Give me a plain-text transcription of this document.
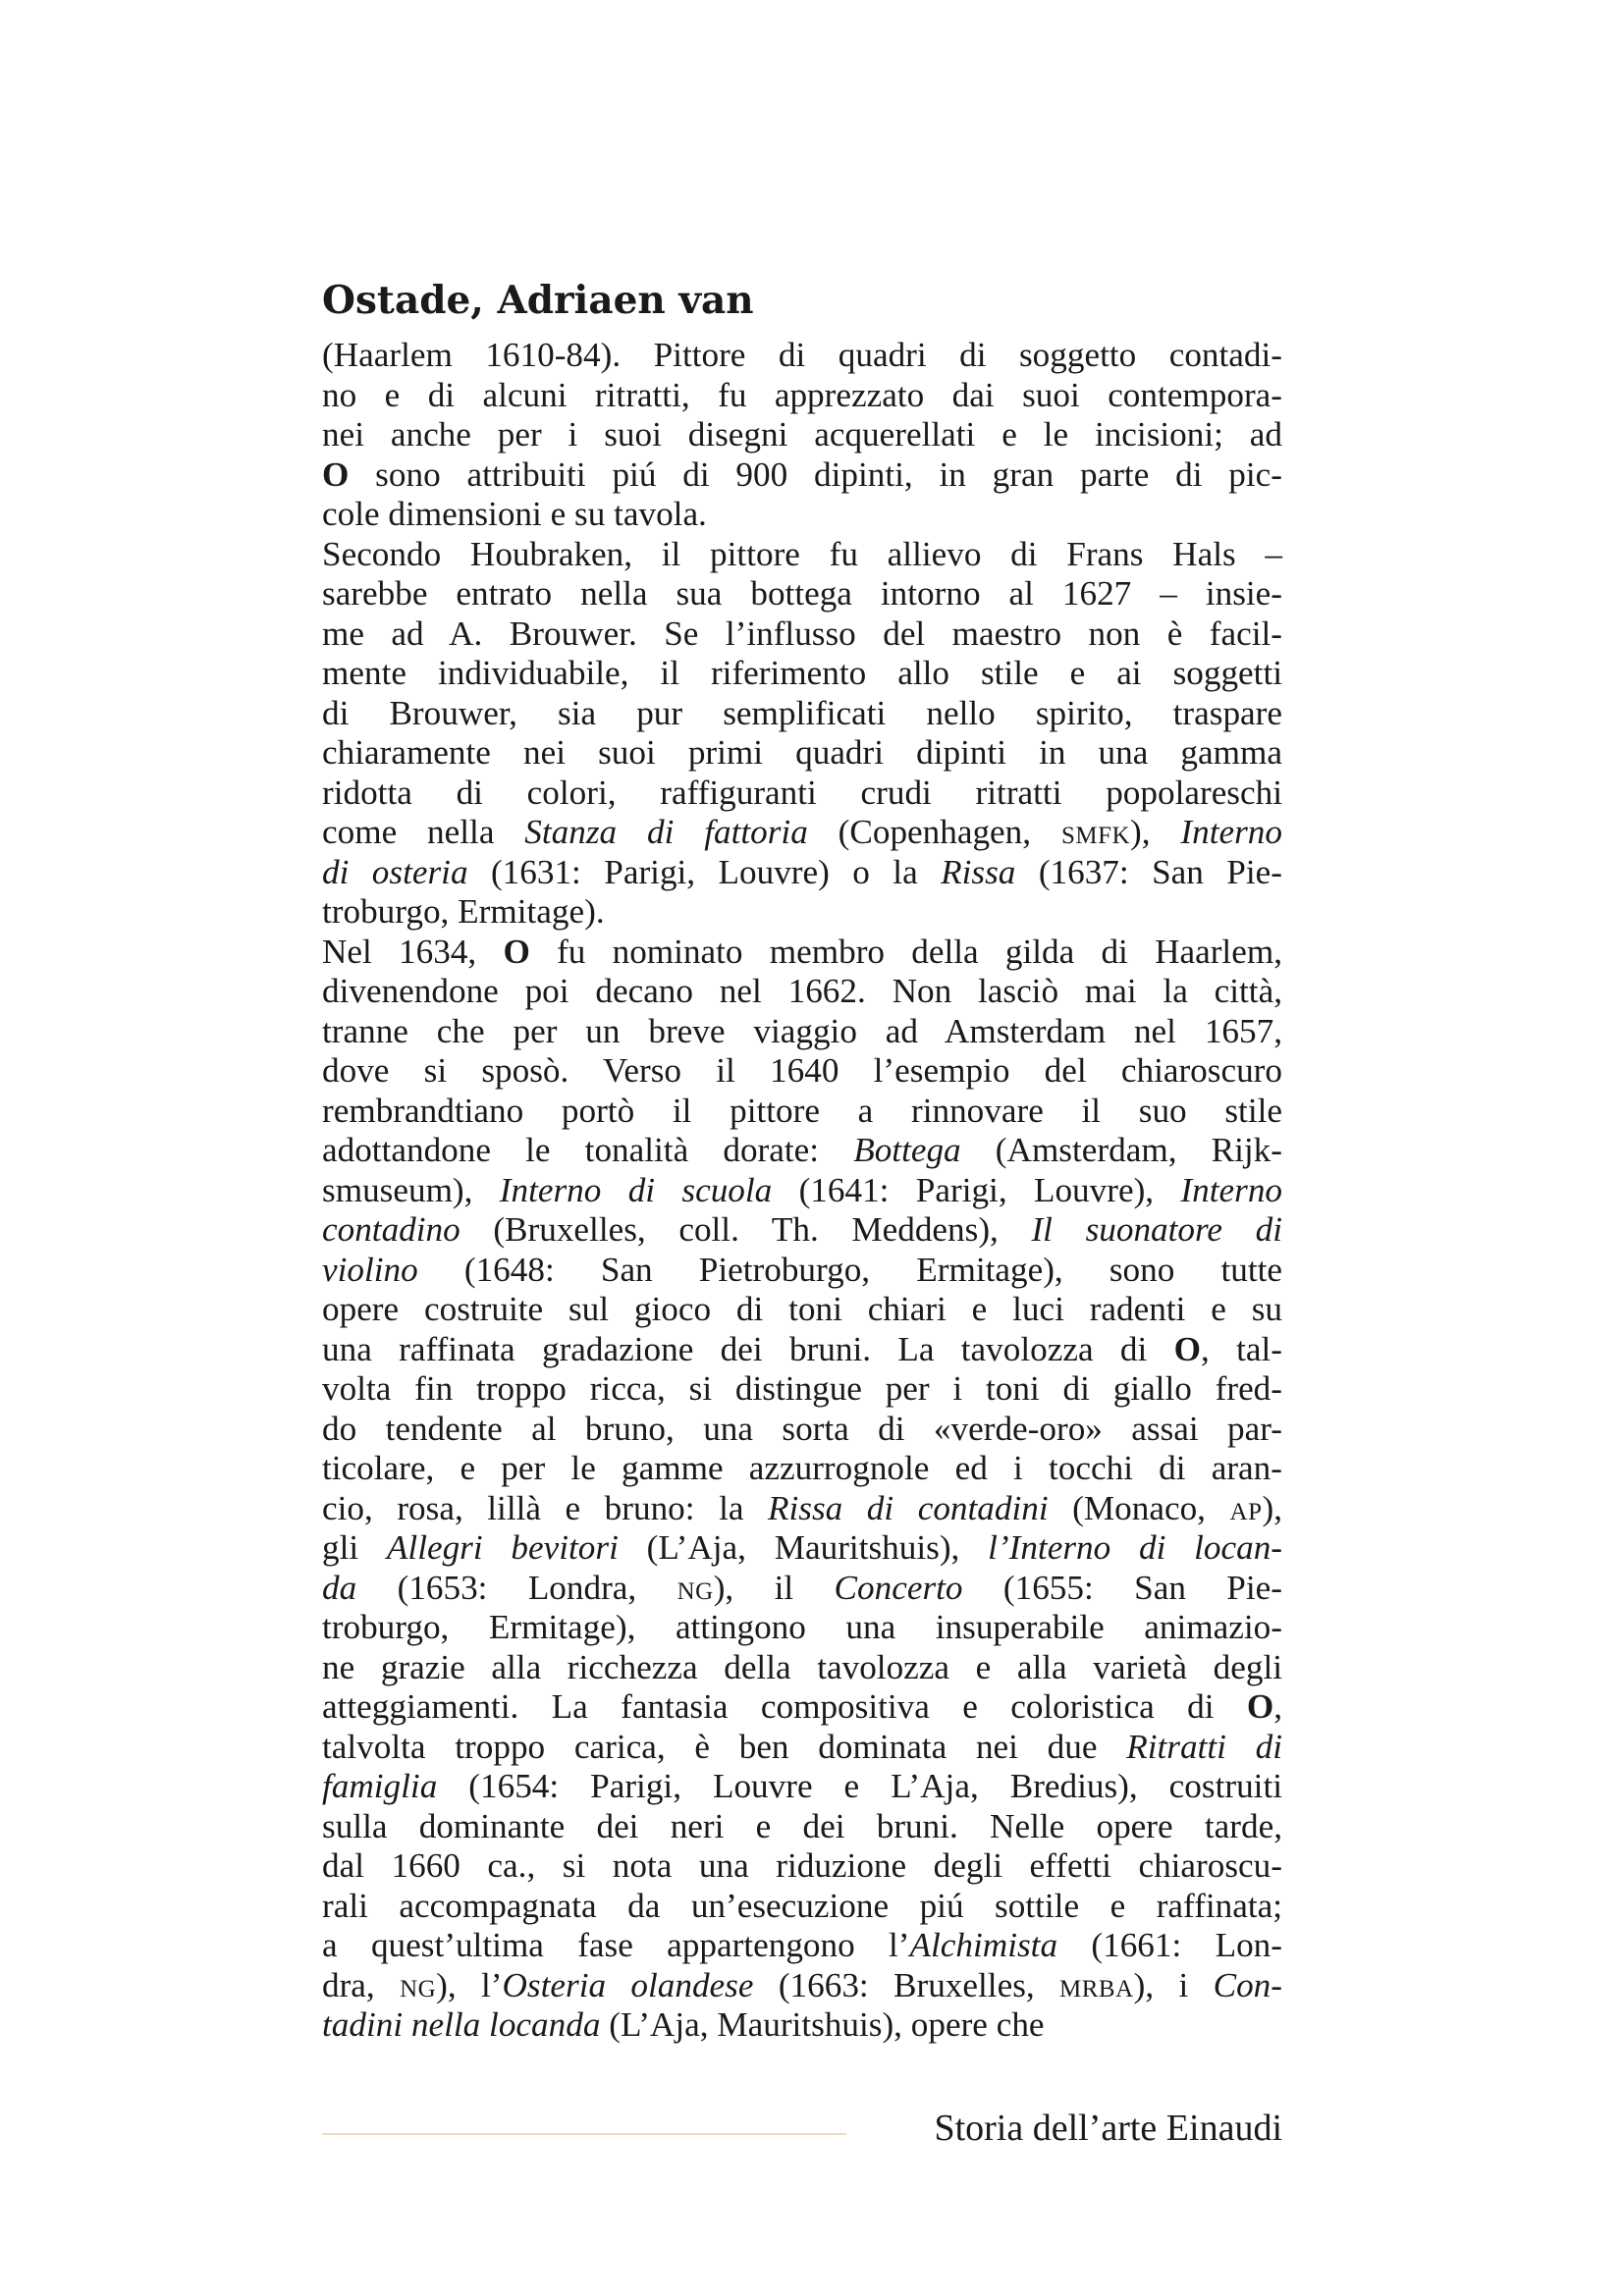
Ostade, Adriaen van
(Haarlem 1610-84). Pittore di quadri di soggetto contadi-
no e di alcuni ritratti, fu apprezzato dai suoi contempora-
nei anche per i suoi disegni acquerellati e le incisioni; ad
O sono attribuiti piú di 900 dipinti, in gran parte di pic-
cole dimensioni e su tavola.
Secondo Houbraken, il pittore fu allievo di Frans Hals –
sarebbe entrato nella sua bottega intorno al 1627 – insie-
me ad A. Brouwer. Se l’influsso del maestro non è facil-
mente individuabile, il riferimento allo stile e ai soggetti
di Brouwer, sia pur semplificati nello spirito, traspare
chiaramente nei suoi primi quadri dipinti in una gamma
ridotta di colori, raffiguranti crudi ritratti popolareschi
come nella Stanza di fattoria (Copenhagen, smfk), Interno
di osteria (1631: Parigi, Louvre) o la Rissa (1637: San Pie-
troburgo, Ermitage).
Nel 1634, O fu nominato membro della gilda di Haarlem,
divenendone poi decano nel 1662. Non lasciò mai la città,
tranne che per un breve viaggio ad Amsterdam nel 1657,
dove si sposò. Verso il 1640 l’esempio del chiaroscuro
rembrandtiano portò il pittore a rinnovare il suo stile
adottandone le tonalità dorate: Bottega (Amsterdam, Rijk-
smuseum), Interno di scuola (1641: Parigi, Louvre), Interno
contadino (Bruxelles, coll. Th. Meddens), Il suonatore di
violino (1648: San Pietroburgo, Ermitage), sono tutte
opere costruite sul gioco di toni chiari e luci radenti e su
una raffinata gradazione dei bruni. La tavolozza di O, tal-
volta fin troppo ricca, si distingue per i toni di giallo fred-
do tendente al bruno, una sorta di «verde-oro» assai par-
ticolare, e per le gamme azzurrognole ed i tocchi di aran-
cio, rosa, lillà e bruno: la Rissa di contadini (Monaco, ap),
gli Allegri bevitori (L’Aja, Mauritshuis), l’Interno di locan-
da (1653: Londra, ng), il Concerto (1655: San Pie-
troburgo, Ermitage), attingono una insuperabile animazio-
ne grazie alla ricchezza della tavolozza e alla varietà degli
atteggiamenti. La fantasia compositiva e coloristica di O,
talvolta troppo carica, è ben dominata nei due Ritratti di
famiglia (1654: Parigi, Louvre e L’Aja, Bredius), costruiti
sulla dominante dei neri e dei bruni. Nelle opere tarde,
dal 1660 ca., si nota una riduzione degli effetti chiaroscu-
rali accompagnata da un’esecuzione piú sottile e raffinata;
a quest’ultima fase appartengono l’Alchimista (1661: Lon-
dra, ng), l’Osteria olandese (1663: Bruxelles, mrba), i Con-
tadini nella locanda (L’Aja, Mauritshuis), opere che
Storia dell’arte Einaudi
